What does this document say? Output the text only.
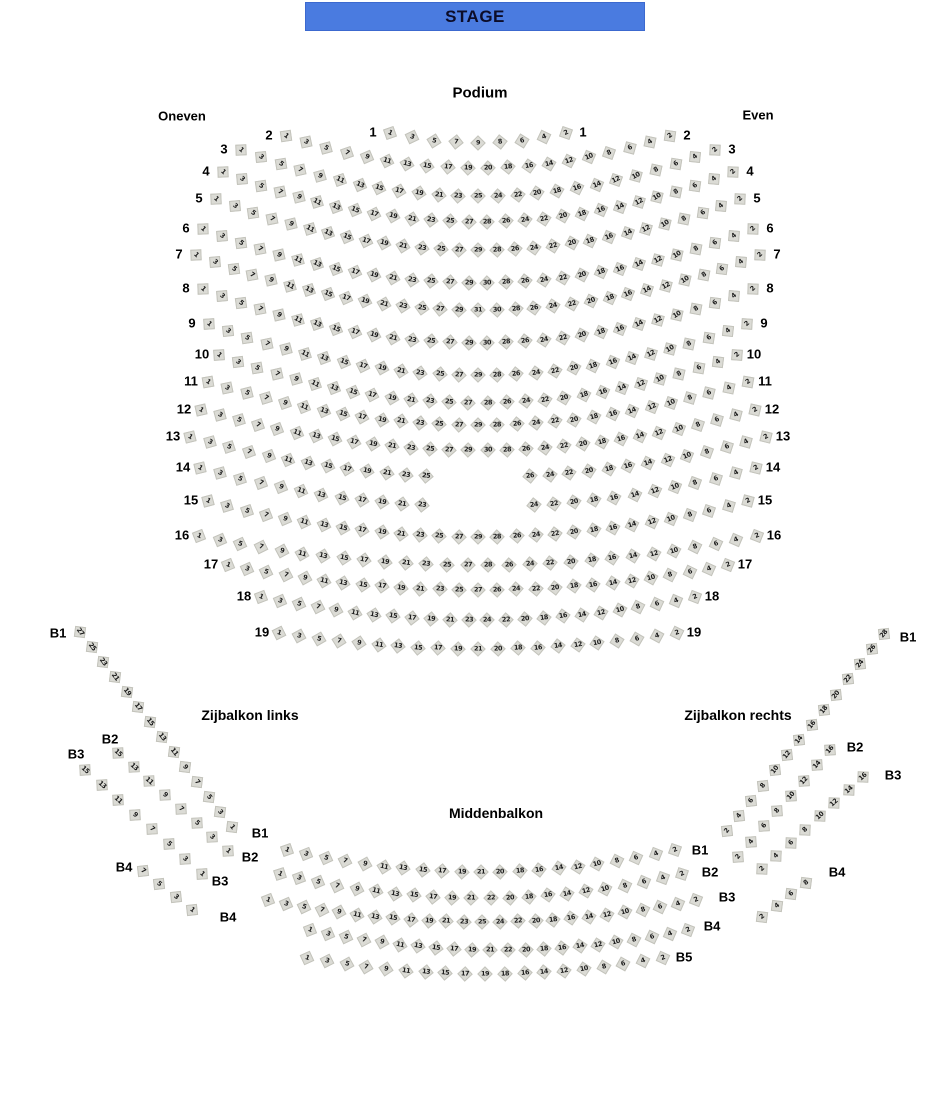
STAGE
Podium
Oneven	Even
Zijbalkon links	Zijbalkon rechts
Middenbalkon
1 3 5	7	9	8	6 4 2
1	1
1
3
5
7 9 11 13 15 17 19 20 18 16 14 12 10 8
6
4
2
2	2
1
3
5
7
9 11 13 15 17 19 21 23 25 24 22 20 18 16 14 12 10 8
6
4
2
3	3
1
3
5
7
9 11 13 15 17 19 21 23 25 27 28 26 24 22 20 18 16 14 12 10 8
6
4
2
4	4
1
3
5
7
9 11 13 15 17 19 21 23 25 27 29 28 26 24 22 20 18 16 14 12 10 8
6
4
2
5	5
1
3
5
7
9 11 13 15 17 19 21 23 25 27 29 30 28 26 24 22 20 18 16 14 12 10
8
6
4
2
6	6
1
3
5
7
9 11 13 15 17 19 21 23 25 27 29 31 30 28 26 24 22 20 18 16 14 12 10
8
6
4
2
7	7
1
3
5
7
9 11 13 15 17 19 21 23 25 27 29 30 28 26 24 22 20 18 16 14 12 10
8
6
4
2
8	8
1
3
5
7
9 11 13 15 17 19 21 23 25 27 29 28 26 24 22 20 18 16 14 12 10 8
6
4
2
9	9
1
3
5
7
9 11 13 15 17 19 21 23 25 27 28 26 24 22 20 18 16 14 12 10 8
6
4
2
10	10
1
3
5
7
9 11 13 15 17 19 21 23 25 27 29 28 26 24 22 20 18 16 14 12 10 8
6
4
2
11	11
1
3
5
7 9 11 13 15 17 19 21 23 25 27 29 30 28 26 24 22 20 18 16 14 12 10 8
6
4
2
12	12
1
3
5
7 9 11 13 15 17 19 21 23 25	26 24 22 20 18 16 14 12 10 8
6
4
2
13	13
1
3
5
7 9 11 13 15 17 19 21 23	24 22 20 18 16 14 12 10 8
6
4
2
14	14
1
3
5 7 9 11 13 15 17 19 21 23 25 27 29 28 26 24 22 20 18 16 14 12 10 8 6
4
2
15	15
1 3 5 7 9 11 13 15 17 19 21 23 25 27 28 26 24 22 20 18 16 14 12 10 8 6 4 2
16	16
1 3 5 7 9 11 13 15 17 19 21 23 25 27 26 24 22 20 18 16 14 12 10 8 6 4 2
17	17
1 3 5 7 9 11 13 15 17 19 21 23 24 22 20 18 16 14 12 10 8 6 4 2
18	18
1 3 5 7 9 11 13 15 17 19 21 20 18 16 14 12 10 8 6 4 2
19	19
27
25
23
21
19
17
15
13
11
9
7
5
3
1
B1
15
13
11
9
7
5
3
1
B2
15
13
11
9
7
5
3
1
B3
7
5
3
1
B4
2
4
6
8
10
12
14
16
18
20
22
24
26
28 B1
2
4
6
8
10
12
14
16 B2
2
4
6
8
10
12
14
16 B3
2
4
6
8
B4
1 3 5 7 9 11 13 15 17 19 21 20 18 16 14 12 10 8 6 4 2
1 3 5 7 9 11 13 15 17 19 21 22 20 18 16 14 12 10 8 6 4 2
1 3 5 7 9 11 13 15 17 19 21 23 25 24 22 20 18 16 14 12 10 8 6 4 2
1 3 5 7 9 11 13 15 17 19 21 22 20 18 16 14 12 10 8 6 4 2
1 3 5 7 9 11 13 15 17 19 18 16 14 12 10 8 6 4 2
B1
B2
B3
B4
B1
B2
B3
B4
B5
